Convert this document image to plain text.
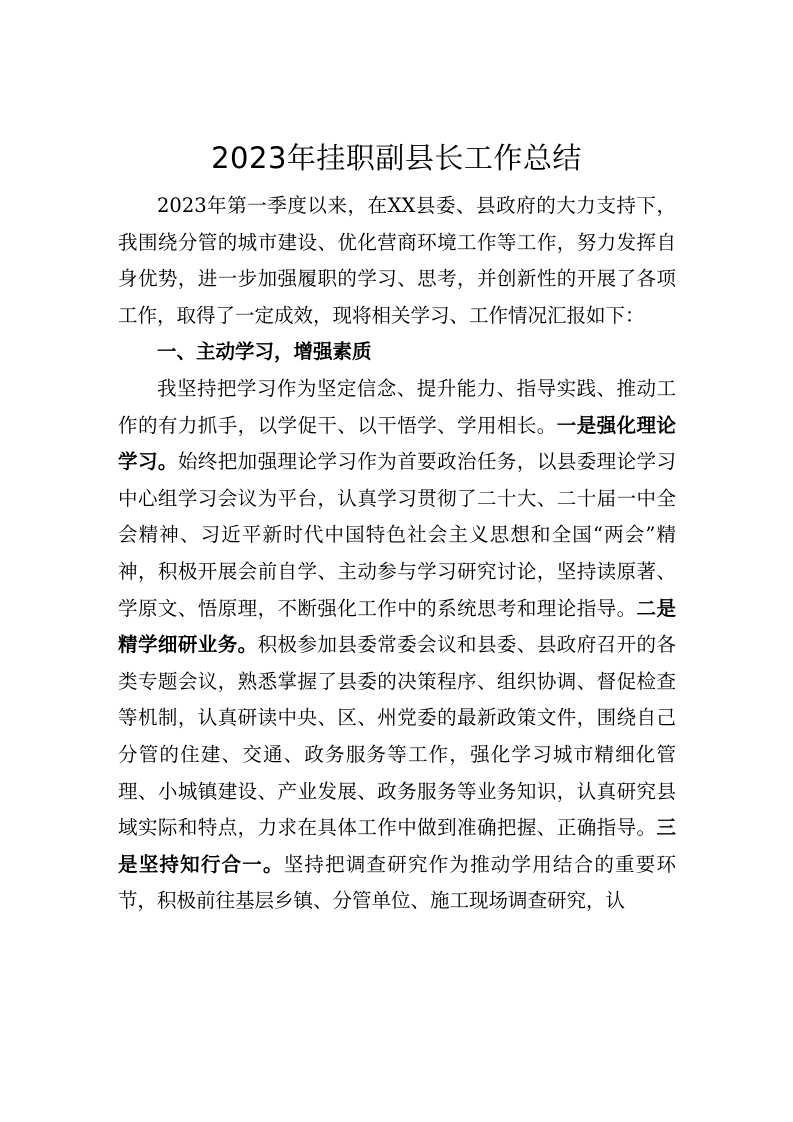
2023年挂职副县长工作总结

2023年第一季度以来，在XX县委、县政府的大力支持下，我围绕分管的城市建设、优化营商环境工作等工作，努力发挥自身优势，进一步加强履职的学习、思考，并创新性的开展了各项工作，取得了一定成效，现将相关学习、工作情况汇报如下：

一、主动学习，增强素质

我坚持把学习作为坚定信念、提升能力、指导实践、推动工作的有力抓手，以学促干、以干悟学、学用相长。一是强化理论学习。始终把加强理论学习作为首要政治任务，以县委理论学习中心组学习会议为平台，认真学习贯彻了二十大、二十届一中全会精神、习近平新时代中国特色社会主义思想和全国“两会”精神，积极开展会前自学、主动参与学习研究讨论，坚持读原著、学原文、悟原理，不断强化工作中的系统思考和理论指导。二是精学细研业务。积极参加县委常委会议和县委、县政府召开的各类专题会议，熟悉掌握了县委的决策程序、组织协调、督促检查等机制，认真研读中央、区、州党委的最新政策文件，围绕自己分管的住建、交通、政务服务等工作，强化学习城市精细化管理、小城镇建设、产业发展、政务服务等业务知识，认真研究县域实际和特点，力求在具体工作中做到准确把握、正确指导。三是坚持知行合一。坚持把调查研究作为推动学用结合的重要环节，积极前往基层乡镇、分管单位、施工现场调查研究，认
